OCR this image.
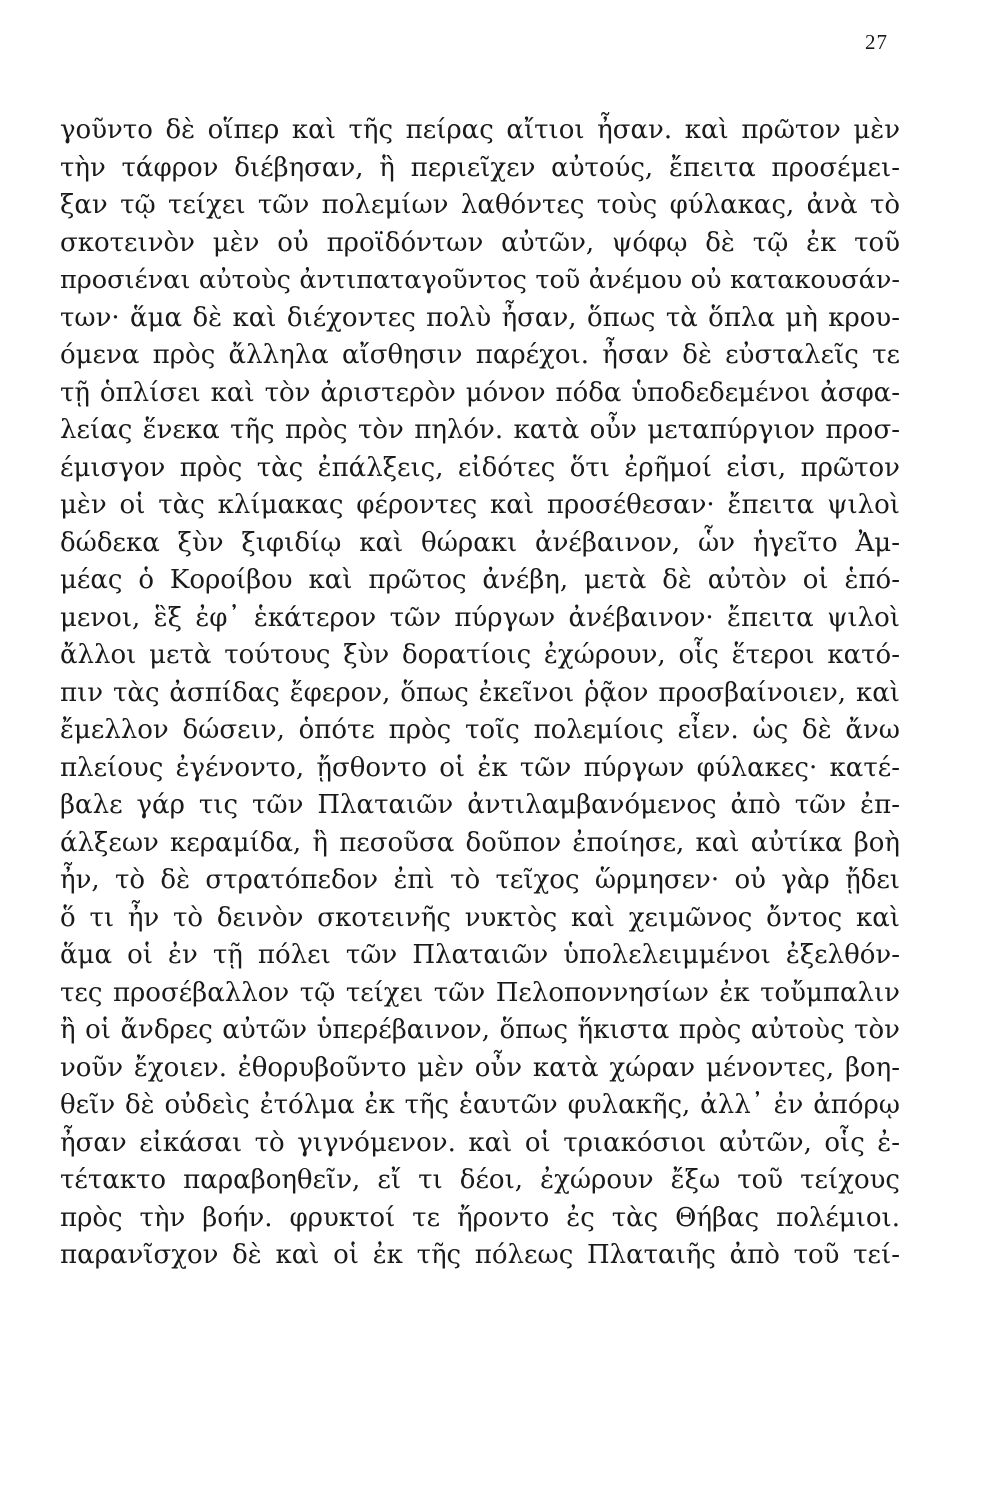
27
γοῦντο δὲ οἵπερ καὶ τῆς πείρας αἴτιοι ἦσαν. καὶ πρῶτον μὲν
τὴν τάφρον διέβησαν, ἣ περιεῖχεν αὐτούς, ἔπειτα προσέμει-
ξαν τῷ τείχει τῶν πολεμίων λαθόντες τοὺς φύλακας, ἀνὰ τὸ
σκοτεινὸν μὲν οὐ προϊδόντων αὐτῶν, ψόφῳ δὲ τῷ ἐκ τοῦ
προσιέναι αὐτοὺς ἀντιπαταγοῦντος τοῦ ἀνέμου οὐ κατακουσάν-
των· ἅμα δὲ καὶ διέχοντες πολὺ ἦσαν, ὅπως τὰ ὅπλα μὴ κρου-
όμενα πρὸς ἄλληλα αἴσθησιν παρέχοι. ἦσαν δὲ εὐσταλεῖς τε
τῇ ὁπλίσει καὶ τὸν ἀριστερὸν μόνον πόδα ὑποδεδεμένοι ἀσφα-
λείας ἕνεκα τῆς πρὸς τὸν πηλόν. κατὰ οὖν μεταπύργιον προσ-
έμισγον πρὸς τὰς ἐπάλξεις, εἰδότες ὅτι ἐρῆμοί εἰσι, πρῶτον
μὲν οἱ τὰς κλίμακας φέροντες καὶ προσέθεσαν· ἔπειτα ψιλοὶ
δώδεκα ξὺν ξιφιδίῳ καὶ θώρακι ἀνέβαινον, ὧν ἡγεῖτο Ἀμ-
μέας ὁ Κοροίβου καὶ πρῶτος ἀνέβη, μετὰ δὲ αὐτὸν οἱ ἑπό-
μενοι, ἓξ ἐφ᾽ ἑκάτερον τῶν πύργων ἀνέβαινον· ἔπειτα ψιλοὶ
ἄλλοι μετὰ τούτους ξὺν δορατίοις ἐχώρουν, οἷς ἕτεροι κατό-
πιν τὰς ἀσπίδας ἔφερον, ὅπως ἐκεῖνοι ῥᾷον προσβαίνοιεν, καὶ
ἔμελλον δώσειν, ὁπότε πρὸς τοῖς πολεμίοις εἶεν. ὡς δὲ ἄνω
πλείους ἐγένοντο, ᾔσθοντο οἱ ἐκ τῶν πύργων φύλακες· κατέ-
βαλε γάρ τις τῶν Πλαταιῶν ἀντιλαμβανόμενος ἀπὸ τῶν ἐπ-
άλξεων κεραμίδα, ἣ πεσοῦσα δοῦπον ἐποίησε, καὶ αὐτίκα βοὴ
ἦν, τὸ δὲ στρατόπεδον ἐπὶ τὸ τεῖχος ὥρμησεν· οὐ γὰρ ᾔδει
ὅ τι ἦν τὸ δεινὸν σκοτεινῆς νυκτὸς καὶ χειμῶνος ὄντος καὶ
ἅμα οἱ ἐν τῇ πόλει τῶν Πλαταιῶν ὑπολελειμμένοι ἐξελθόν-
τες προσέβαλλον τῷ τείχει τῶν Πελοποννησίων ἐκ τοὔμπαλιν
ἢ οἱ ἄνδρες αὐτῶν ὑπερέβαινον, ὅπως ἥκιστα πρὸς αὐτοὺς τὸν
νοῦν ἔχοιεν. ἐθορυβοῦντο μὲν οὖν κατὰ χώραν μένοντες, βοη-
θεῖν δὲ οὐδεὶς ἐτόλμα ἐκ τῆς ἑαυτῶν φυλακῆς, ἀλλ᾽ ἐν ἀπόρῳ
ἦσαν εἰκάσαι τὸ γιγνόμενον. καὶ οἱ τριακόσιοι αὐτῶν, οἷς ἐ-
τέτακτο παραβοηθεῖν, εἴ τι δέοι, ἐχώρουν ἔξω τοῦ τείχους
πρὸς τὴν βοήν. φρυκτοί τε ἤροντο ἐς τὰς Θήβας πολέμιοι.
παρανῖσχον δὲ καὶ οἱ ἐκ τῆς πόλεως Πλαταιῆς ἀπὸ τοῦ τεί-
